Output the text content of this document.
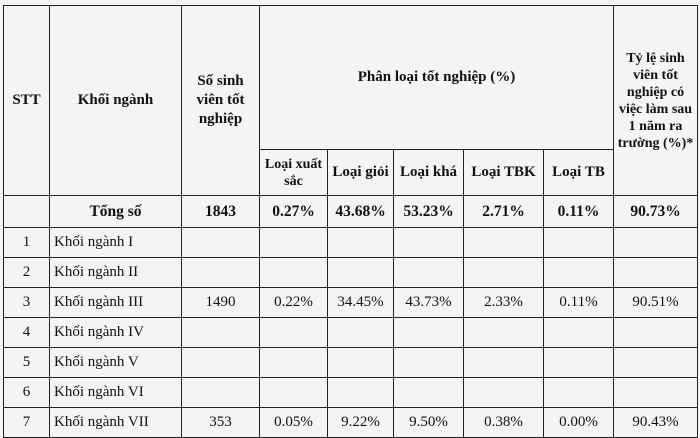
STT	Khối ngành	Số sinh viên tốt nghiệp	Phân loại tốt nghiệp (%)					Tỷ lệ sinh viên tốt nghiệp có việc làm sau 1 năm ra trường (%)*
			Loại xuất sắc	Loại giỏi	Loại khá	Loại TBK	Loại TB	
	Tổng số	1843	0.27%	43.68%	53.23%	2.71%	0.11%	90.73%
1	Khối ngành I							
2	Khối ngành II							
3	Khối ngành III	1490	0.22%	34.45%	43.73%	2.33%	0.11%	90.51%
4	Khối ngành IV							
5	Khối ngành V							
6	Khối ngành VI							
7	Khối ngành VII	353	0.05%	9.22%	9.50%	0.38%	0.00%	90.43%
